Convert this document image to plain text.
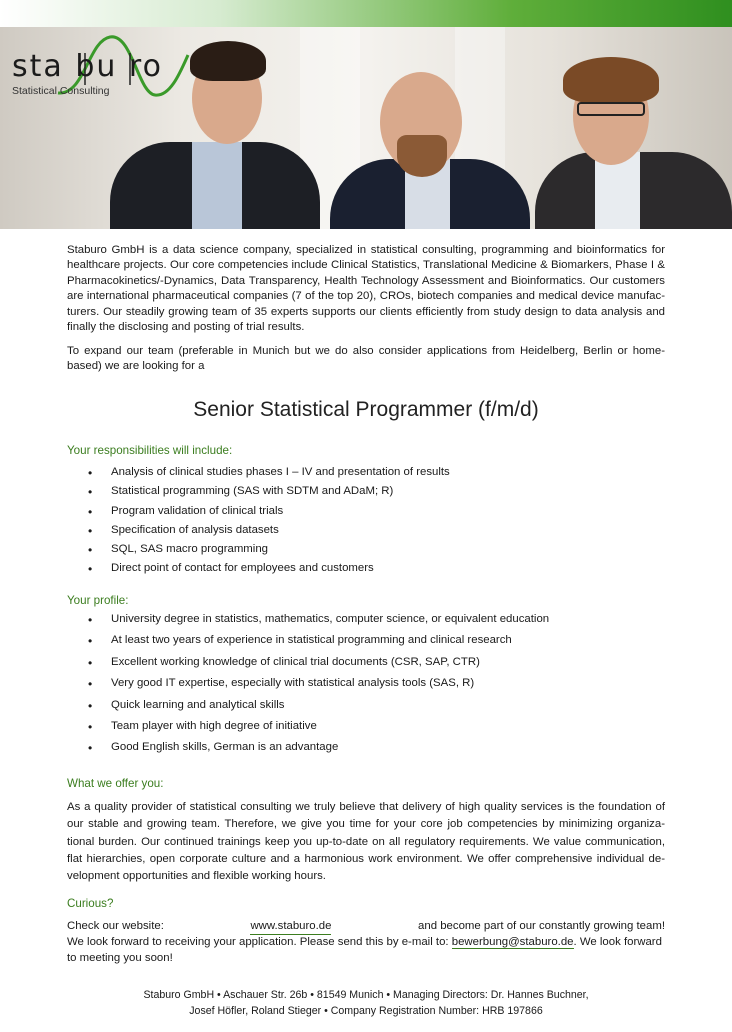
sta bu ro
Statistical Consulting
Staburo GmbH is a data science company, specialized in statistical consulting, programming and bioinformatics for healthcare projects. Our core competencies include Clinical Statistics, Translational Medicine & Biomarkers, Phase I & Pharmacokinetics/-Dynamics, Data Transparency, Health Technology Assessment and Bioinformatics. Our customers are international pharmaceutical companies (7 of the top 20), CROs, biotech companies and medical device manufac-turers. Our steadily growing team of 35 experts supports our clients efficiently from study design to data analysis and finally the disclosing and posting of trial results.
To expand our team (preferable in Munich but we do also consider applications from Heidelberg, Berlin or home-based) we are looking for a
Senior Statistical Programmer (f/m/d)
Your responsibilities will include:
• Analysis of clinical studies phases I – IV and presentation of results
• Statistical programming (SAS with SDTM and ADaM; R)
• Program validation of clinical trials
• Specification of analysis datasets
• SQL, SAS macro programming
• Direct point of contact for employees and customers
Your profile:
• University degree in statistics, mathematics, computer science, or equivalent education
• At least two years of experience in statistical programming and clinical research
• Excellent working knowledge of clinical trial documents (CSR, SAP, CTR)
• Very good IT expertise, especially with statistical analysis tools (SAS, R)
• Quick learning and analytical skills
• Team player with high degree of initiative
• Good English skills, German is an advantage
What we offer you:
As a quality provider of statistical consulting we truly believe that delivery of high quality services is the foundation of our stable and growing team. Therefore, we give you time for your core job competencies by minimizing organiza-tional burden. Our continued trainings keep you up-to-date on all regulatory requirements. We value communication, flat hierarchies, open corporate culture and a harmonious work environment. We offer comprehensive individual de-velopment opportunities and flexible working hours.
Curious?
Check our website:	www.staburo.de	and become part of our constantly growing team!
We look forward to receiving your application. Please send this by e-mail to: bewerbung@staburo.de. We look forward to meeting you soon!
Staburo GmbH • Aschauer Str. 26b • 81549 Munich • Managing Directors: Dr. Hannes Buchner,
Josef Höfler, Roland Stieger • Company Registration Number: HRB 197866
